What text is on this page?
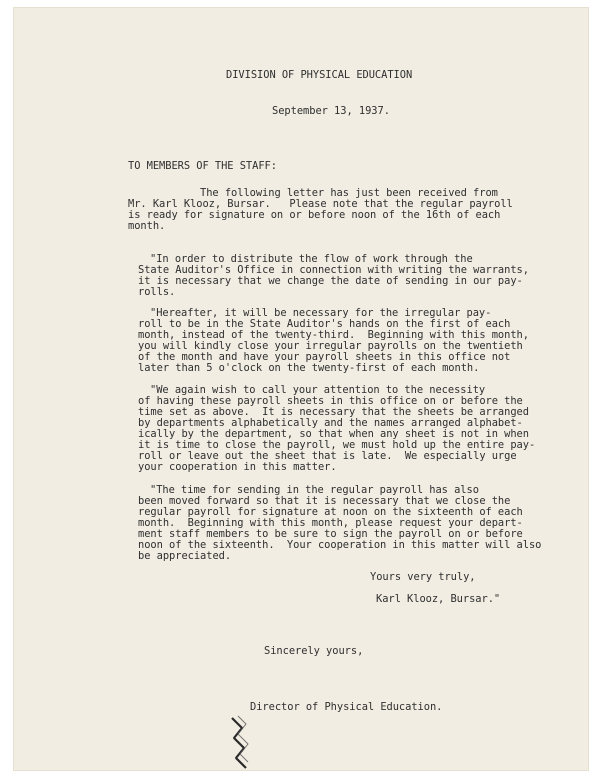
DIVISION OF PHYSICAL EDUCATION
September 13, 1937.
TO MEMBERS OF THE STAFF:
The following letter has just been received from
Mr. Karl Klooz, Bursar.   Please note that the regular payroll
is ready for signature on or before noon of the 16th of each
month.
"In order to distribute the flow of work through the
State Auditor's Office in connection with writing the warrants,
it is necessary that we change the date of sending in our pay-
rolls.
"Hereafter, it will be necessary for the irregular pay-
roll to be in the State Auditor's hands on the first of each
month, instead of the twenty-third.  Beginning with this month,
you will kindly close your irregular payrolls on the twentieth
of the month and have your payroll sheets in this office not
later than 5 o'clock on the twenty-first of each month.
"We again wish to call your attention to the necessity
of having these payroll sheets in this office on or before the
time set as above.  It is necessary that the sheets be arranged
by departments alphabetically and the names arranged alphabet-
ically by the department, so that when any sheet is not in when
it is time to close the payroll, we must hold up the entire pay-
roll or leave out the sheet that is late.  We especially urge
your cooperation in this matter.
"The time for sending in the regular payroll has also
been moved forward so that it is necessary that we close the
regular payroll for signature at noon on the sixteenth of each
month.  Beginning with this month, please request your depart-
ment staff members to be sure to sign the payroll on or before
noon of the sixteenth.  Your cooperation in this matter will also
be appreciated.
Yours very truly,
Karl Klooz, Bursar."
Sincerely yours,
Director of Physical Education.
